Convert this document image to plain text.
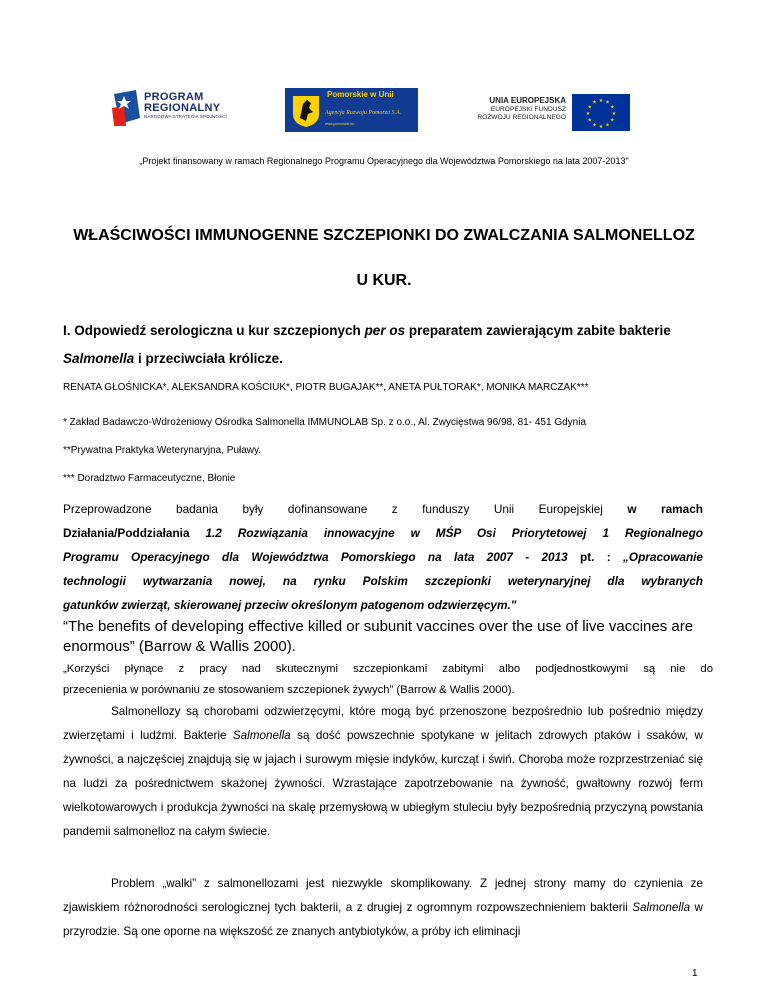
PROGRAM
REGIONALNY
NARODOWA STRATEGIA SPÓJNOŚCI
Pomorskie w Unii
Agencja Rozwoju Pomorza S.A.
www.pomorskie.eu
UNIA EUROPEJSKA
EUROPEJSKI FUNDUSZ
ROZWOJU REGIONALNEGO
★ ★
★
★
★
★
★
★
★
★
★
★
„Projekt finansowany w ramach Regionalnego Programu Operacyjnego dla Województwa Pomorskiego na lata 2007-2013"
WŁAŚCIWOŚCI IMMUNOGENNE SZCZEPIONKI DO ZWALCZANIA SALMONELLOZ
U KUR.
I. Odpowiedź serologiczna u kur szczepionych per os preparatem zawierającym zabite bakterie
Salmonella i przeciwciała królicze.
RENATA GŁOŚNICKA*, ALEKSANDRA KOŚCIUK*, PIOTR BUGAJAK**, ANETA PUŁTORAK*, MONIKA MARCZAK***
* Zakład Badawczo-Wdrożeniowy Ośrodka Salmonella IMMUNOLAB Sp. z o.o., Al. Zwycięstwa 96/98, 81- 451 Gdynia
**Prywatna Praktyka Weterynaryjna, Puławy.
*** Doradztwo Farmaceutyczne, Błonie
Przeprowadzone badania były dofinansowane z funduszy Unii Europejskiej w ramach
Działania/Poddziałania 1.2 Rozwiązania innowacyjne w MŚP Osi Priorytetowej 1 Regionalnego
Programu Operacyjnego dla Województwa Pomorskiego na lata 2007 - 2013 pt. : „Opracowanie
technologii wytwarzania nowej, na rynku Polskim szczepionki weterynaryjnej dla wybranych
gatunków zwierząt, skierowanej przeciw określonym patogenom odzwierzęcym."
“The benefits of developing effective killed or subunit vaccines over the use of live vaccines are enormous” (Barrow & Wallis 2000).
„Korzyści płynące z pracy nad skutecznymi szczepionkami zabitymi albo podjednostkowymi są nie do
przecenienia w porównaniu ze stosowaniem szczepionek żywych” (Barrow & Wallis 2000).
Salmonellozy są chorobami odzwierzęcymi, które mogą być przenoszone bezpośrednio lub pośrednio między zwierzętami i ludźmi. Bakterie Salmonella są dość powszechnie spotykane w jelitach zdrowych ptaków i ssaków, w żywności, a najczęściej znajdują się w jajach i surowym mięsie indyków, kurcząt i świń. Choroba może rozprzestrzeniać się na ludzi za pośrednictwem skażonej żywności. Wzrastające zapotrzebowanie na żywność, gwałtowny rozwój ferm wielkotowarowych i produkcja żywności na skalę przemysłową w ubiegłym stuleciu były bezpośrednią przyczyną powstania pandemii salmonelloz na całym świecie.
Problem „walki” z salmonellozami jest niezwykle skomplikowany. Z jednej strony mamy do czynienia ze zjawiskiem różnorodności serologicznej tych bakterii, a z drugiej z ogromnym rozpowszechnieniem bakterii Salmonella w przyrodzie. Są one oporne na większość ze znanych antybiotyków, a próby ich eliminacji
1
